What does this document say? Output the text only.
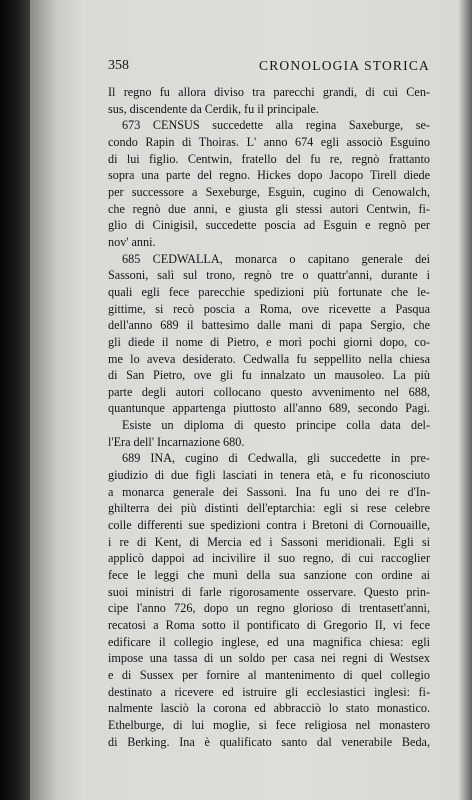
358	CRONOLOGIA STORICA
Il regno fu allora diviso tra parecchi grandi, di cui Cen-
sus, discendente da Cerdik, fu il principale.
673 CENSUS succedette alla regina Saxeburge, se-
condo Rapin di Thoiras. L' anno 674 egli associò Esguino
di lui figlio. Centwin, fratello del fu re, regnò frattanto
sopra una parte del regno. Hickes dopo Jacopo Tirell diede
per successore a Sexeburge, Esguin, cugino di Cenowalch,
che regnò due anni, e giusta gli stessi autori Centwin, fi-
glio di Cinigisil, succedette poscia ad Esguin e regnò per
nov' anni.
685 CEDWALLA, monarca o capitano generale dei
Sassoni, salì sul trono, regnò tre o quattr'anni, durante i
quali egli fece parecchie spedizioni più fortunate che le-
gittime, si recò poscia a Roma, ove ricevette a Pasqua
dell'anno 689 il battesimo dalle mani di papa Sergio, che
gli diede il nome di Pietro, e morì pochi giorni dopo, co-
me lo aveva desiderato. Cedwalla fu seppellito nella chiesa
di San Pietro, ove gli fu innalzato un mausoleo. La più
parte degli autori collocano questo avvenimento nel 688,
quantunque appartenga piuttosto all'anno 689, secondo Pagi.
Esiste un diploma di questo principe colla data del-
l'Era dell' Incarnazione 680.
689 INA, cugino di Cedwalla, gli succedette in pre-
giudizio di due figli lasciati in tenera età, e fu riconosciuto
a monarca generale dei Sassoni. Ina fu uno dei re d'In-
ghilterra dei più distinti dell'eptarchia: egli si rese celebre
colle differenti sue spedizioni contra i Bretoni di Cornouaille,
i re di Kent, di Mercia ed i Sassoni meridionali. Egli si
applicò dappoi ad incivilire il suo regno, di cui raccoglier
fece le leggi che munì della sua sanzione con ordine ai
suoi ministri di farle rigorosamente osservare. Questo prin-
cipe l'anno 726, dopo un regno glorioso di trentasett'anni,
recatosi a Roma sotto il pontificato di Gregorio II, vi fece
edificare il collegio inglese, ed una magnifica chiesa: egli
impose una tassa di un soldo per casa nei regni di Westsex
e di Sussex per fornire al mantenimento di quel collegio
destinato a ricevere ed istruire gli ecclesiastici inglesi: fi-
nalmente lasciò la corona ed abbracciò lo stato monastico.
Ethelburge, di lui moglie, si fece religiosa nel monastero
di Berking. Ina è qualificato santo dal venerabile Beda,
